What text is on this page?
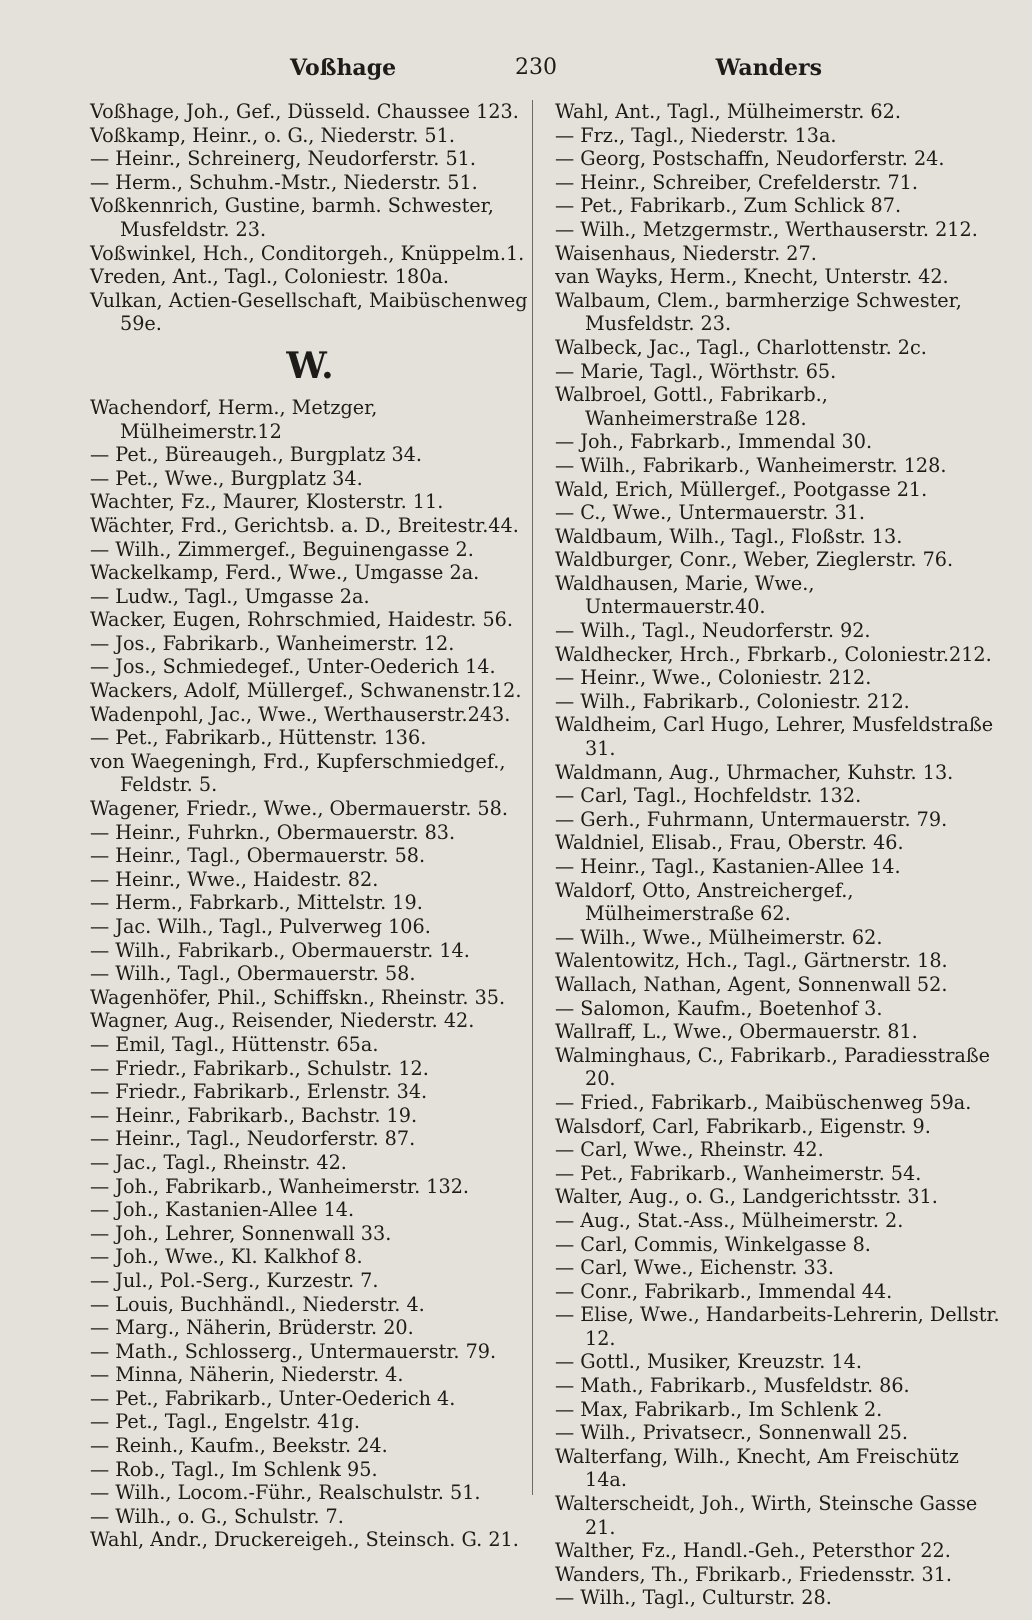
Voßhage	230	Wanders
Voßhage, Joh., Gef., Düsseld. Chaussee 123.
Voßkamp, Heinr., o. G., Niederstr. 51.
— Heinr., Schreinerg, Neudorferstr. 51.
— Herm., Schuhm.-Mstr., Niederstr. 51.
Voßkennrich, Gustine, barmh. Schwester, Musfeldstr. 23.
Voßwinkel, Hch., Conditorgeh., Knüppelm.1.
Vreden, Ant., Tagl., Coloniestr. 180a.
Vulkan, Actien-Gesellschaft, Maibüschenweg 59e.
W.
Wachendorf, Herm., Metzger, Mülheimerstr.12
— Pet., Büreaugeh., Burgplatz 34.
— Pet., Wwe., Burgplatz 34.
Wachter, Fz., Maurer, Klosterstr. 11.
Wächter, Frd., Gerichtsb. a. D., Breitestr.44.
— Wilh., Zimmergef., Beguinengasse 2.
Wackelkamp, Ferd., Wwe., Umgasse 2a.
— Ludw., Tagl., Umgasse 2a.
Wacker, Eugen, Rohrschmied, Haidestr. 56.
— Jos., Fabrikarb., Wanheimerstr. 12.
— Jos., Schmiedegef., Unter-Oederich 14.
Wackers, Adolf, Müllergef., Schwanenstr.12.
Wadenpohl, Jac., Wwe., Werthauserstr.243.
— Pet., Fabrikarb., Hüttenstr. 136.
von Waegeningh, Frd., Kupferschmiedgef., Feldstr. 5.
Wagener, Friedr., Wwe., Obermauerstr. 58.
— Heinr., Fuhrkn., Obermauerstr. 83.
— Heinr., Tagl., Obermauerstr. 58.
— Heinr., Wwe., Haidestr. 82.
— Herm., Fabrkarb., Mittelstr. 19.
— Jac. Wilh., Tagl., Pulverweg 106.
— Wilh., Fabrikarb., Obermauerstr. 14.
— Wilh., Tagl., Obermauerstr. 58.
Wagenhöfer, Phil., Schiffskn., Rheinstr. 35.
Wagner, Aug., Reisender, Niederstr. 42.
— Emil, Tagl., Hüttenstr. 65a.
— Friedr., Fabrikarb., Schulstr. 12.
— Friedr., Fabrikarb., Erlenstr. 34.
— Heinr., Fabrikarb., Bachstr. 19.
— Heinr., Tagl., Neudorferstr. 87.
— Jac., Tagl., Rheinstr. 42.
— Joh., Fabrikarb., Wanheimerstr. 132.
— Joh., Kastanien-Allee 14.
— Joh., Lehrer, Sonnenwall 33.
— Joh., Wwe., Kl. Kalkhof 8.
— Jul., Pol.-Serg., Kurzestr. 7.
— Louis, Buchhändl., Niederstr. 4.
— Marg., Näherin, Brüderstr. 20.
— Math., Schlosserg., Untermauerstr. 79.
— Minna, Näherin, Niederstr. 4.
— Pet., Fabrikarb., Unter-Oederich 4.
— Pet., Tagl., Engelstr. 41g.
— Reinh., Kaufm., Beekstr. 24.
— Rob., Tagl., Im Schlenk 95.
— Wilh., Locom.-Führ., Realschulstr. 51.
— Wilh., o. G., Schulstr. 7.
Wahl, Andr., Druckereigeh., Steinsch. G. 21.
Wahl, Ant., Tagl., Mülheimerstr. 62.
— Frz., Tagl., Niederstr. 13a.
— Georg, Postschaffn, Neudorferstr. 24.
— Heinr., Schreiber, Crefelderstr. 71.
— Pet., Fabrikarb., Zum Schlick 87.
— Wilh., Metzgermstr., Werthauserstr. 212.
Waisenhaus, Niederstr. 27.
van Wayks, Herm., Knecht, Unterstr. 42.
Walbaum, Clem., barmherzige Schwester, Musfeldstr. 23.
Walbeck, Jac., Tagl., Charlottenstr. 2c.
— Marie, Tagl., Wörthstr. 65.
Walbroel, Gottl., Fabrikarb., Wanheimerstraße 128.
— Joh., Fabrkarb., Immendal 30.
— Wilh., Fabrikarb., Wanheimerstr. 128.
Wald, Erich, Müllergef., Pootgasse 21.
— C., Wwe., Untermauerstr. 31.
Waldbaum, Wilh., Tagl., Floßstr. 13.
Waldburger, Conr., Weber, Zieglerstr. 76.
Waldhausen, Marie, Wwe., Untermauerstr.40.
— Wilh., Tagl., Neudorferstr. 92.
Waldhecker, Hrch., Fbrkarb., Coloniestr.212.
— Heinr., Wwe., Coloniestr. 212.
— Wilh., Fabrikarb., Coloniestr. 212.
Waldheim, Carl Hugo, Lehrer, Musfeldstraße 31.
Waldmann, Aug., Uhrmacher, Kuhstr. 13.
— Carl, Tagl., Hochfeldstr. 132.
— Gerh., Fuhrmann, Untermauerstr. 79.
Waldniel, Elisab., Frau, Oberstr. 46.
— Heinr., Tagl., Kastanien-Allee 14.
Waldorf, Otto, Anstreichergef., Mülheimerstraße 62.
— Wilh., Wwe., Mülheimerstr. 62.
Walentowitz, Hch., Tagl., Gärtnerstr. 18.
Wallach, Nathan, Agent, Sonnenwall 52.
— Salomon, Kaufm., Boetenhof 3.
Wallraff, L., Wwe., Obermauerstr. 81.
Walminghaus, C., Fabrikarb., Paradiesstraße 20.
— Fried., Fabrikarb., Maibüschenweg 59a.
Walsdorf, Carl, Fabrikarb., Eigenstr. 9.
— Carl, Wwe., Rheinstr. 42.
— Pet., Fabrikarb., Wanheimerstr. 54.
Walter, Aug., o. G., Landgerichtsstr. 31.
— Aug., Stat.-Ass., Mülheimerstr. 2.
— Carl, Commis, Winkelgasse 8.
— Carl, Wwe., Eichenstr. 33.
— Conr., Fabrikarb., Immendal 44.
— Elise, Wwe., Handarbeits-Lehrerin, Dellstr. 12.
— Gottl., Musiker, Kreuzstr. 14.
— Math., Fabrikarb., Musfeldstr. 86.
— Max, Fabrikarb., Im Schlenk 2.
— Wilh., Privatsecr., Sonnenwall 25.
Walterfang, Wilh., Knecht, Am Freischütz 14a.
Walterscheidt, Joh., Wirth, Steinsche Gasse 21.
Walther, Fz., Handl.-Geh., Petersthor 22.
Wanders, Th., Fbrikarb., Friedensstr. 31.
— Wilh., Tagl., Culturstr. 28.
